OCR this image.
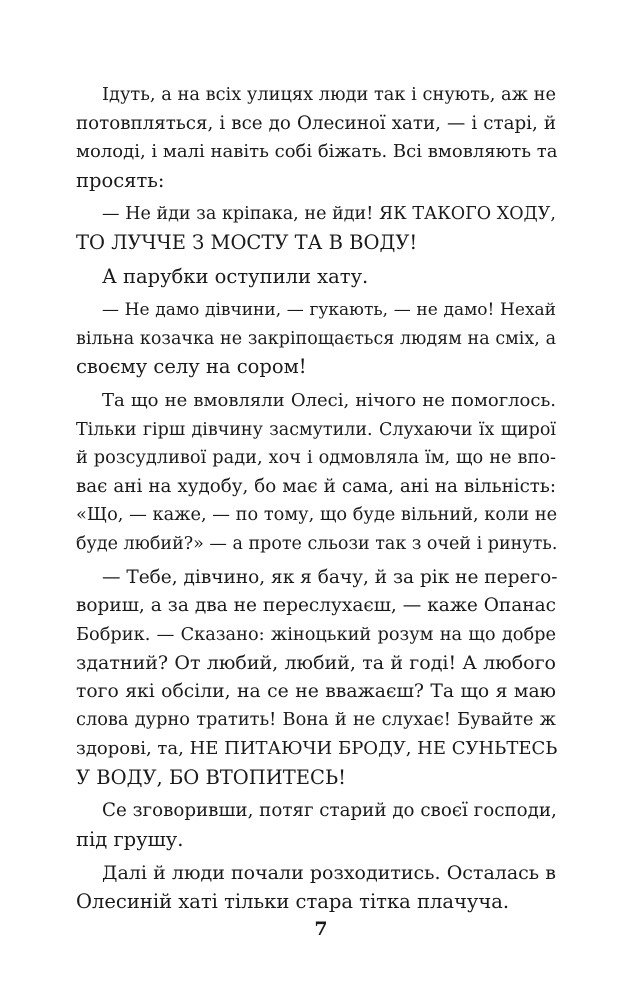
Ідуть, а на всіх улицях люди так і снують, аж не
потовпляться, і все до Олесиної хати, — і старі, й
молоді, і малі навіть собі біжать. Всі вмовляють та
просять:

— Не йди за кріпака, не йди! ЯК ТАКОГО ХОДУ,
ТО ЛУЧЧЕ З МОСТУ ТА В ВОДУ!

А парубки оступили хату.

— Не дамо дівчини, — гукають, — не дамо! Нехай
вільна козачка не закріпощається людям на сміх, а
своєму селу на сором!

Та що не вмовляли Олесі, нічого не помоглось.
Тільки гірш дівчину засмутили. Слухаючи їх щирої
й розсудливої ради, хоч і одмовляла їм, що не впо-
ває ані на худобу, бо має й сама, ані на вільність:
«Що, — каже, — по тому, що буде вільний, коли не
буде любий?» — а проте сльози так з очей і ринуть.

— Тебе, дівчино, як я бачу, й за рік не перего-
вориш, а за два не переслухаєш, — каже Опанас
Бобрик. — Сказано: жіноцький розум на що добре
здатний? От любий, любий, та й годі! А любого
того які обсіли, на се не вважаєш? Та що я маю
слова дурно тратить! Вона й не слухає! Бувайте ж
здорові, та, НЕ ПИТАЮЧИ БРОДУ, НЕ СУНЬТЕСЬ
У ВОДУ, БО ВТОПИТЕСЬ!

Се зговоривши, потяг старий до своєї господи,
під грушу.

Далі й люди почали розходитись. Осталась в
Олесиній хаті тільки стара тітка плачуча.

7
